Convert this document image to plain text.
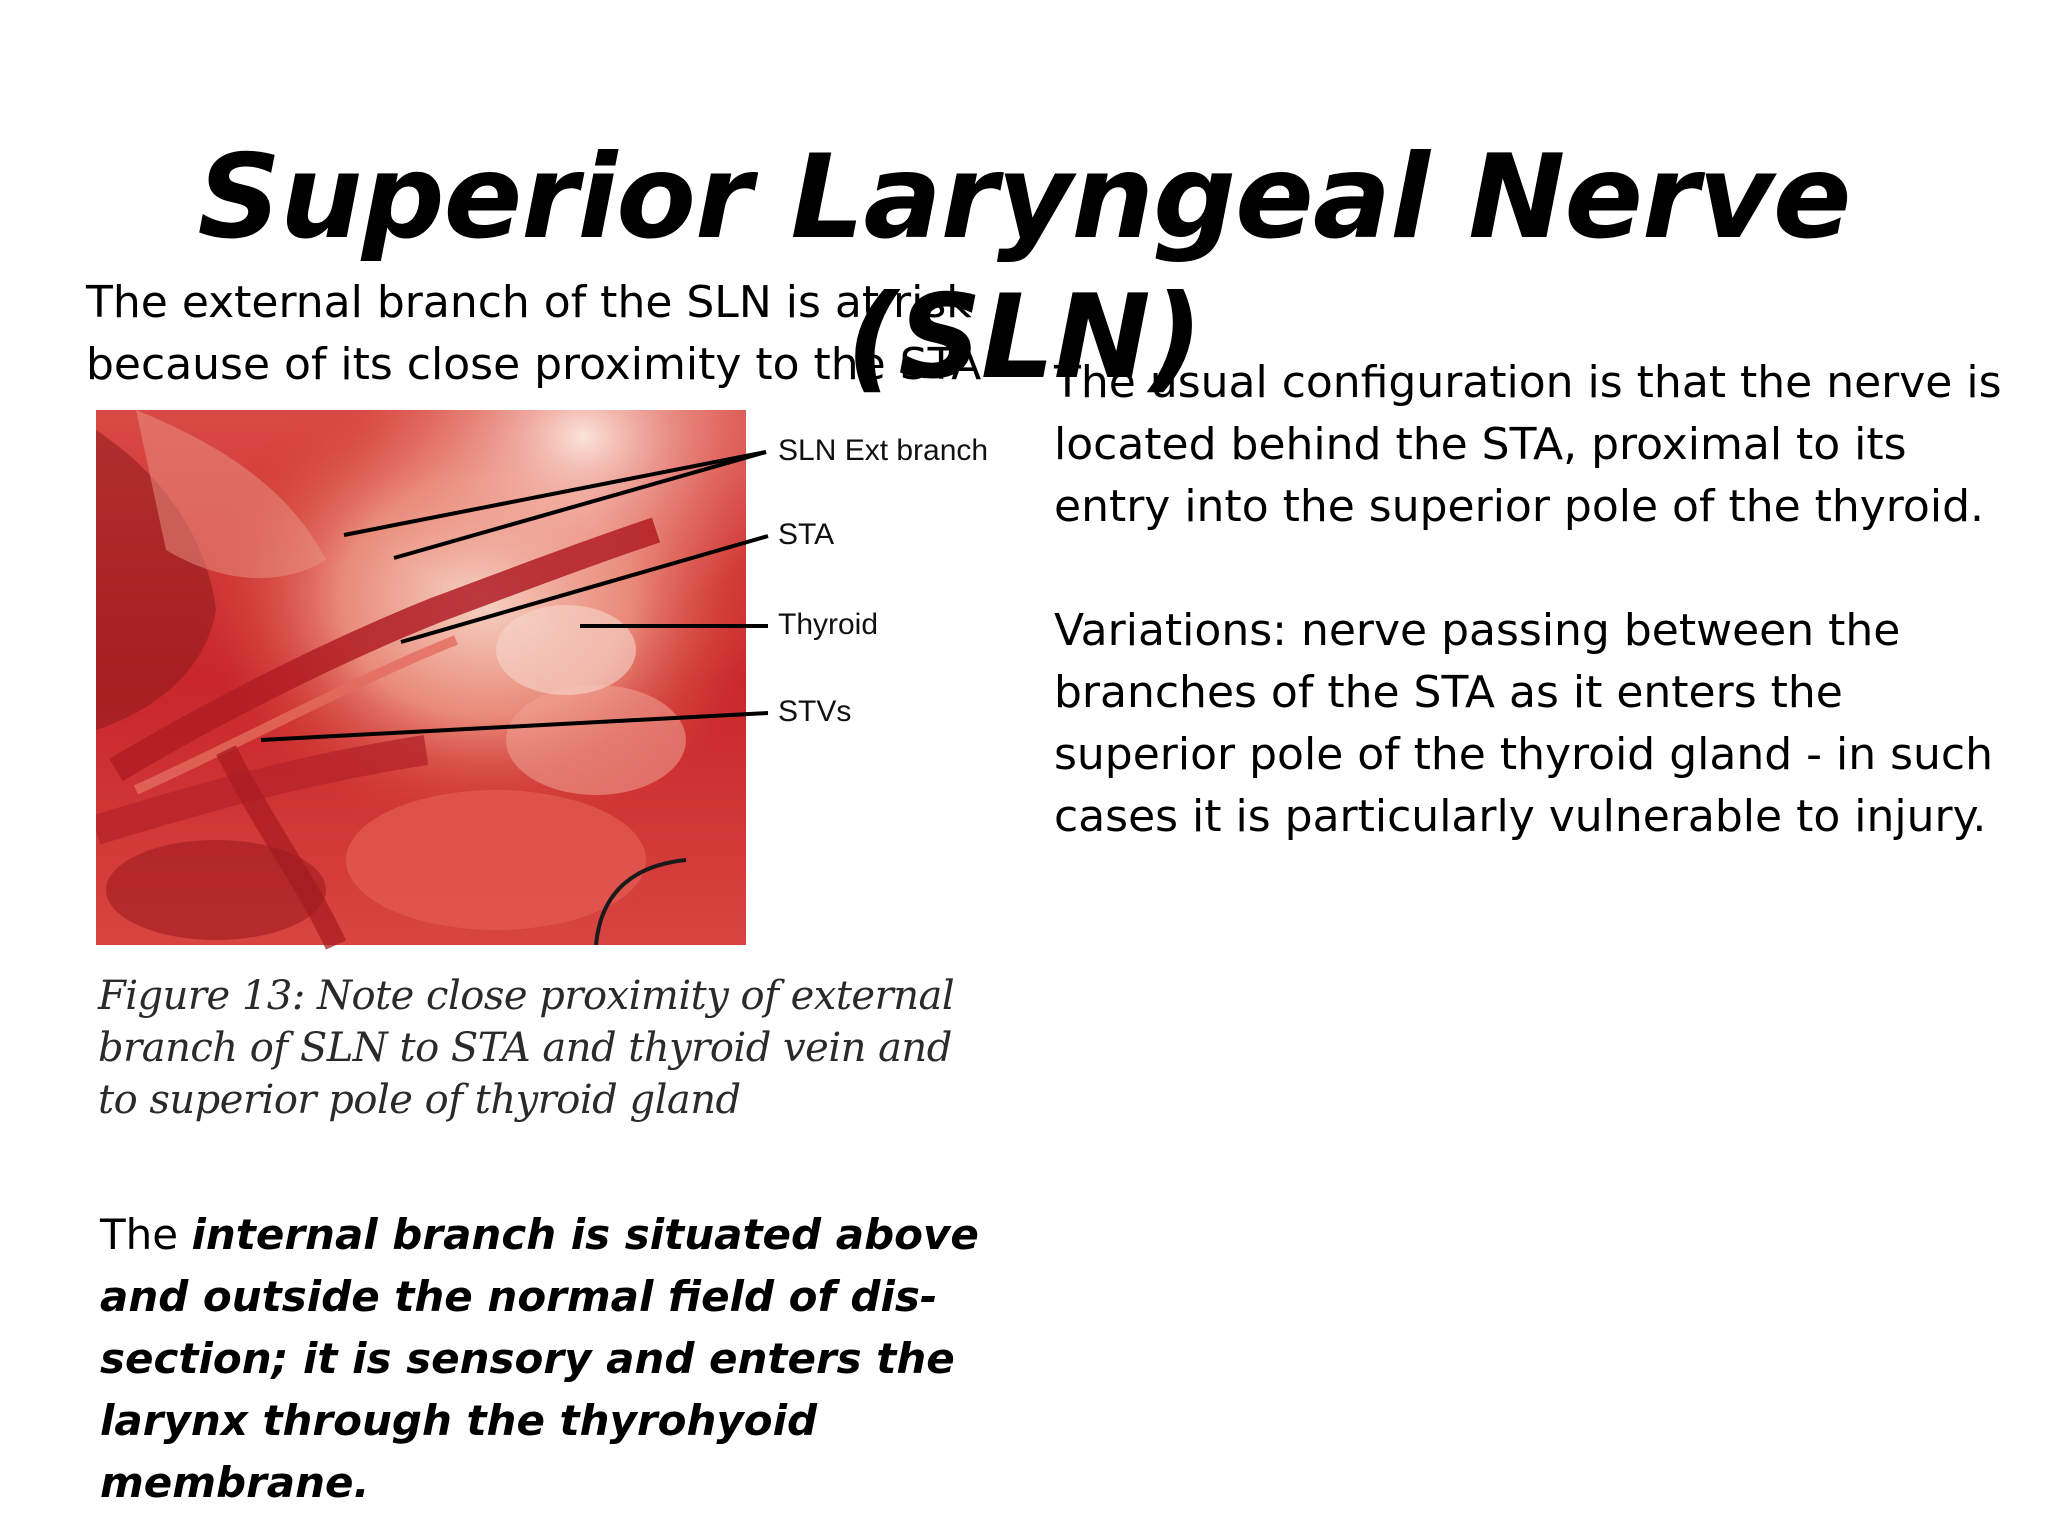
Superior Laryngeal Nerve (SLN)

The external branch of the SLN is at risk because of its close proximity to the STA The usual configuration is that the nerve is located behind the STA, proximal to its entry into the superior pole of the thyroid.

Variations: nerve passing between the branches of the STA as it enters the superior pole of the thyroid gland - in such cases it is particularly vulnerable to injury.

SLN Ext branch
STA
Thyroid
STVs

Figure 13: Note close proximity of external branch of SLN to STA and thyroid vein and to superior pole of thyroid gland

The internal branch is situated above and outside the normal field of dis-section; it is sensory and enters the larynx through the thyrohyoid membrane.
